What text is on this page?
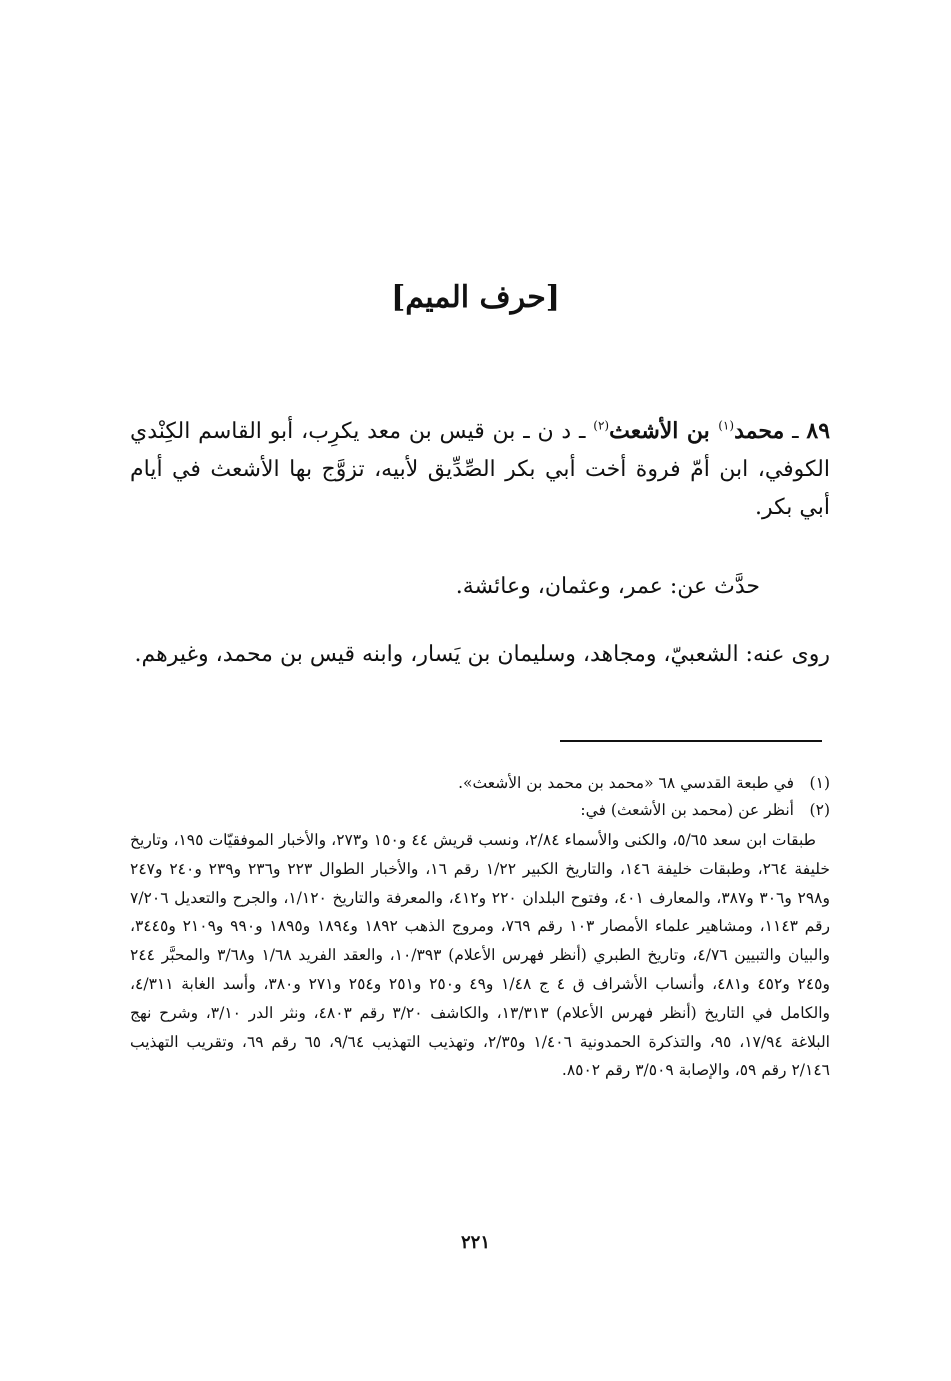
[حرف الميم]

٨٩ ـ محمد$^{(١)}$ بن الأشعث$^{(٢)}$ ـ د ن ـ بن قيس بن معد يكرِب، أبو القاسم الكِنْدي الكوفي، ابن أمّ فروة أخت أبي بكر الصِّدِّيق لأبيه، تزوَّج بها الأشعث في أيام أبي بكر.

حدَّث عن: عمر، وعثمان، وعائشة.

روى عنه: الشعبيّ، ومجاهد، وسليمان بن يَسار، وابنه قيس بن محمد، وغيرهم.

(١)
في طبعة القدسي ٦٨ «محمد بن محمد بن الأشعث».
(٢)
أنظر عن (محمد بن الأشعث) في:
طبقات ابن سعد ٥/٦٥، والكنى والأسماء ٢/٨٤، ونسب قريش ٤٤ و١٥٠ و٢٧٣، والأخبار الموفقيّات ١٩٥، وتاريخ خليفة ٢٦٤، وطبقات خليفة ١٤٦، والتاريخ الكبير ١/٢٢ رقم ١٦، والأخبار الطوال ٢٢٣ و٢٣٦ و٢٣٩ و٢٤٠ و٢٤٧ و٢٩٨ و٣٠٦ و٣٨٧، والمعارف ٤٠١، وفتوح البلدان ٢٢٠ و٤١٢، والمعرفة والتاريخ ١/١٢٠، والجرح والتعديل ٧/٢٠٦ رقم ١١٤٣، ومشاهير علماء الأمصار ١٠٣ رقم ٧٦٩، ومروج الذهب ١٨٩٢ و١٨٩٤ و١٨٩٥ و٩٩٠ و٢١٠٩ و٣٤٤٥، والبيان والتبيين ٤/٧٦، وتاريخ الطبري (أنظر فهرس الأعلام) ١٠/٣٩٣، والعقد الفريد ١/٦٨ و٣/٦٨ والمحبَّر ٢٤٤ و٢٤٥ و٤٥٢ و٤٨١، وأنساب الأشراف ق ٤ ج ١/٤٨ و٤٩ و٢٥٠ و٢٥١ و٢٥٤ و٢٧١ و٣٨٠، وأسد الغابة ٤/٣١١، والكامل في التاريخ (أنظر فهرس الأعلام) ١٣/٣١٣، والكاشف ٣/٢٠ رقم ٤٨٠٣، ونثر الدر ٣/١٠، وشرح نهج البلاغة ١٧/٩٤، ٩٥، والتذكرة الحمدونية ١/٤٠٦ و٢/٣٥، وتهذيب التهذيب ٩/٦٤، ٦٥ رقم ٦٩، وتقريب التهذيب ٢/١٤٦ رقم ٥٩، والإصابة ٣/٥٠٩ رقم ٨٥٠٢.
٢٢١
